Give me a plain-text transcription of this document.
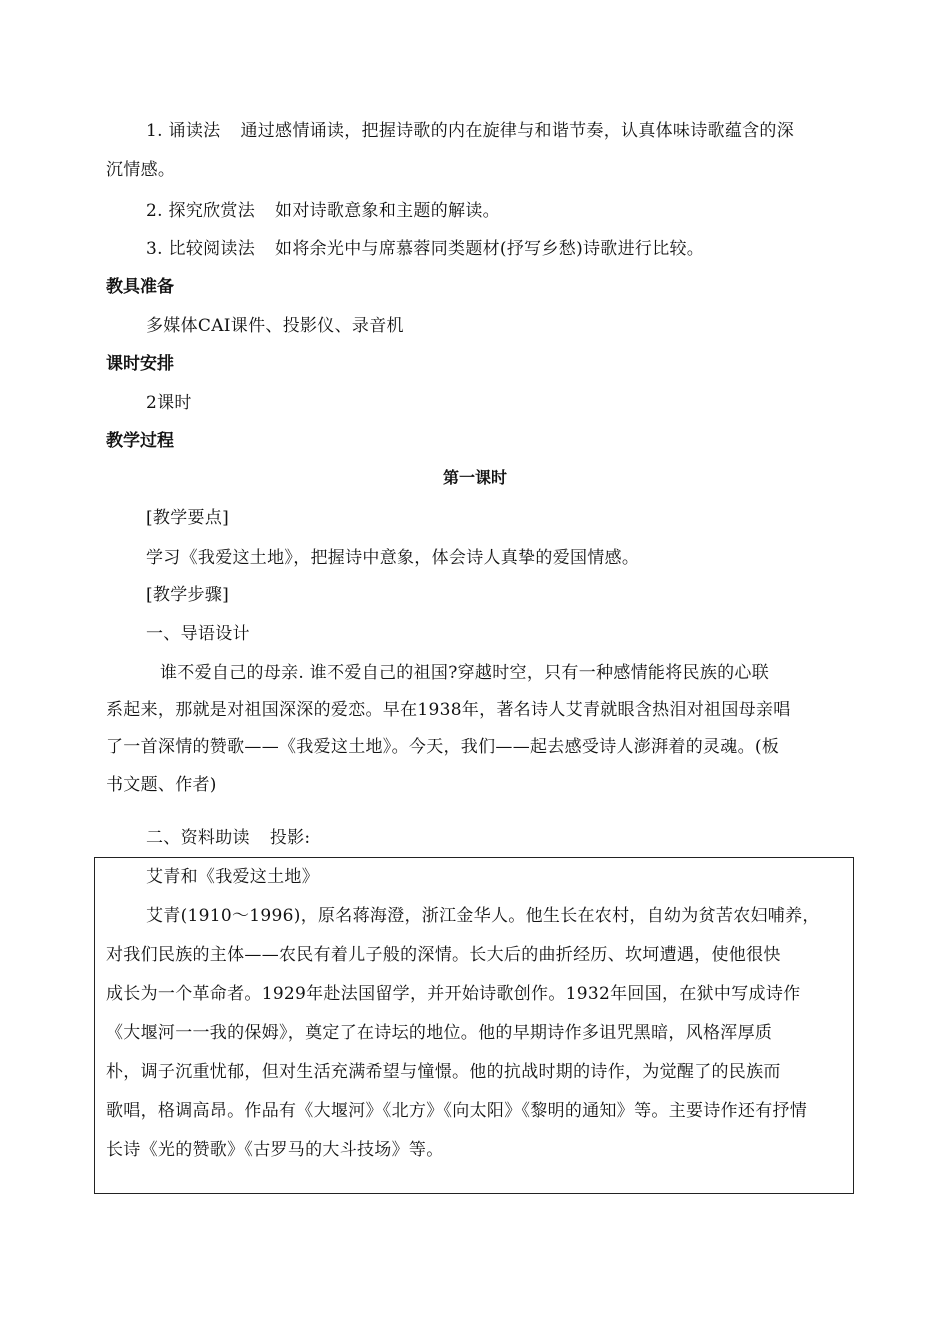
1. 诵读法 通过感情诵读，把握诗歌的内在旋律与和谐节奏，认真体味诗歌蕴含的深
沉情感。
2. 探究欣赏法 如对诗歌意象和主题的解读。
3. 比较阅读法 如将余光中与席慕蓉同类题材(抒写乡愁)诗歌进行比较。
教具准备
多媒体CAI课件、投影仪、录音机
课时安排
2课时
教学过程
第一课时
[教学要点]
学习《我爱这土地》，把握诗中意象，体会诗人真挚的爱国情感。
[教学步骤]
一、导语设计
谁不爱自己的母亲. 谁不爱自己的祖国?穿越时空，只有一种感情能将民族的心联
系起来，那就是对祖国深深的爱恋。早在1938年，著名诗人艾青就眼含热泪对祖国母亲唱
了一首深情的赞歌——《我爱这土地》。今天，我们——起去感受诗人澎湃着的灵魂。(板
书文题、作者)
二、资料助读 投影:
艾青和《我爱这土地》
艾青(1910～1996)，原名蒋海澄，浙江金华人。他生长在农村，自幼为贫苦农妇哺养，
对我们民族的主体——农民有着儿子般的深情。长大后的曲折经历、坎坷遭遇，使他很快
成长为一个革命者。1929年赴法国留学，并开始诗歌创作。1932年回国，在狱中写成诗作
《大堰河一一我的保姆》，奠定了在诗坛的地位。他的早期诗作多诅咒黑暗，风格浑厚质
朴，调子沉重忧郁，但对生活充满希望与憧憬。他的抗战时期的诗作，为觉醒了的民族而
歌唱，格调高昂。作品有《大堰河》《北方》《向太阳》《黎明的通知》等。主要诗作还有抒情
长诗《光的赞歌》《古罗马的大斗技场》等。
